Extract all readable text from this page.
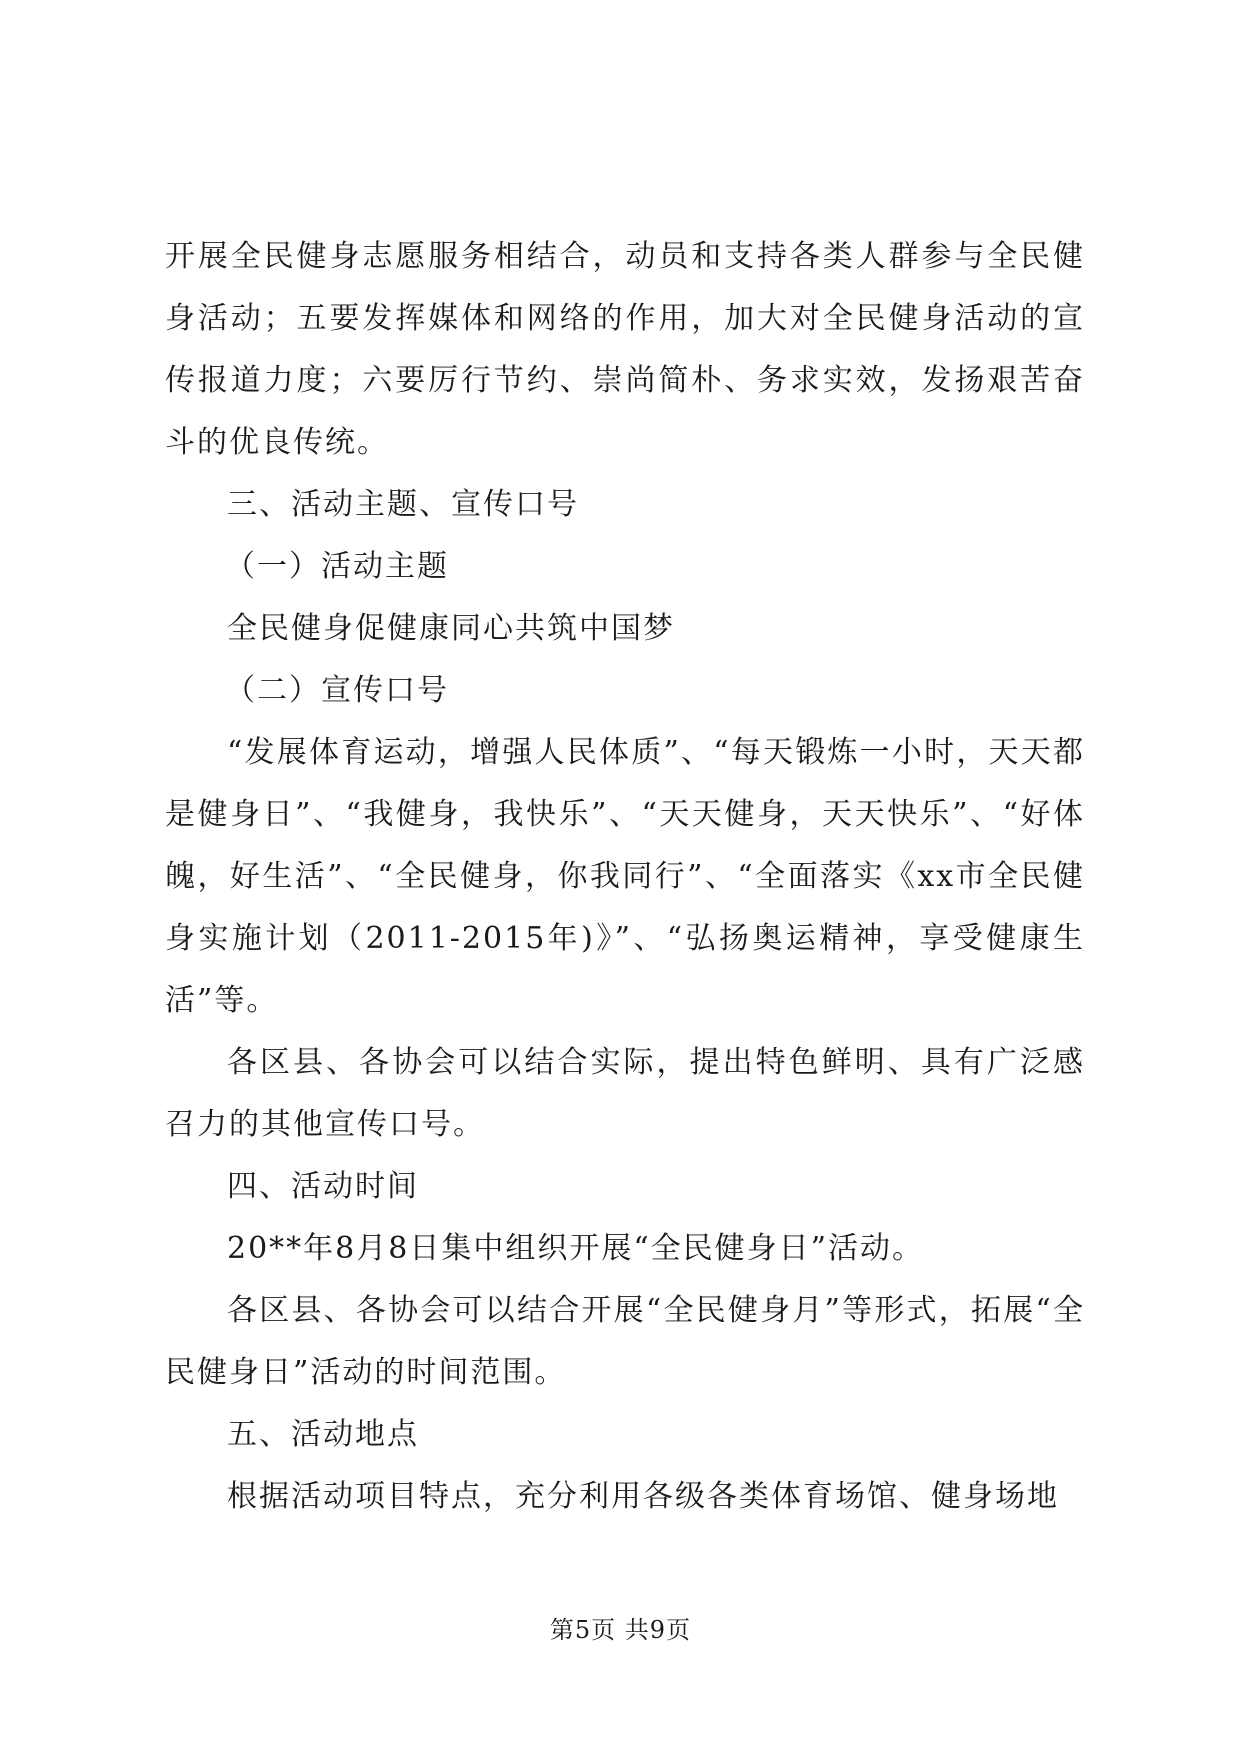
开展全民健身志愿服务相结合，动员和支持各类人群参与全民健身活动；五要发挥媒体和网络的作用，加大对全民健身活动的宣传报道力度；六要厉行节约、崇尚简朴、务求实效，发扬艰苦奋斗的优良传统。

三、活动主题、宣传口号

（一）活动主题

全民健身促健康同心共筑中国梦

（二）宣传口号

“发展体育运动，增强人民体质”、“每天锻炼一小时，天天都是健身日”、“我健身，我快乐”、“天天健身，天天快乐”、“好体魄，好生活”、“全民健身，你我同行”、“全面落实《xx市全民健身实施计划（2011-2015年)》”、“弘扬奥运精神，享受健康生活”等。

各区县、各协会可以结合实际，提出特色鲜明、具有广泛感召力的其他宣传口号。

四、活动时间

20**年8月8日集中组织开展“全民健身日”活动。

各区县、各协会可以结合开展“全民健身月”等形式，拓展“全民健身日”活动的时间范围。

五、活动地点

根据活动项目特点，充分利用各级各类体育场馆、健身场地

第5页 共9页
